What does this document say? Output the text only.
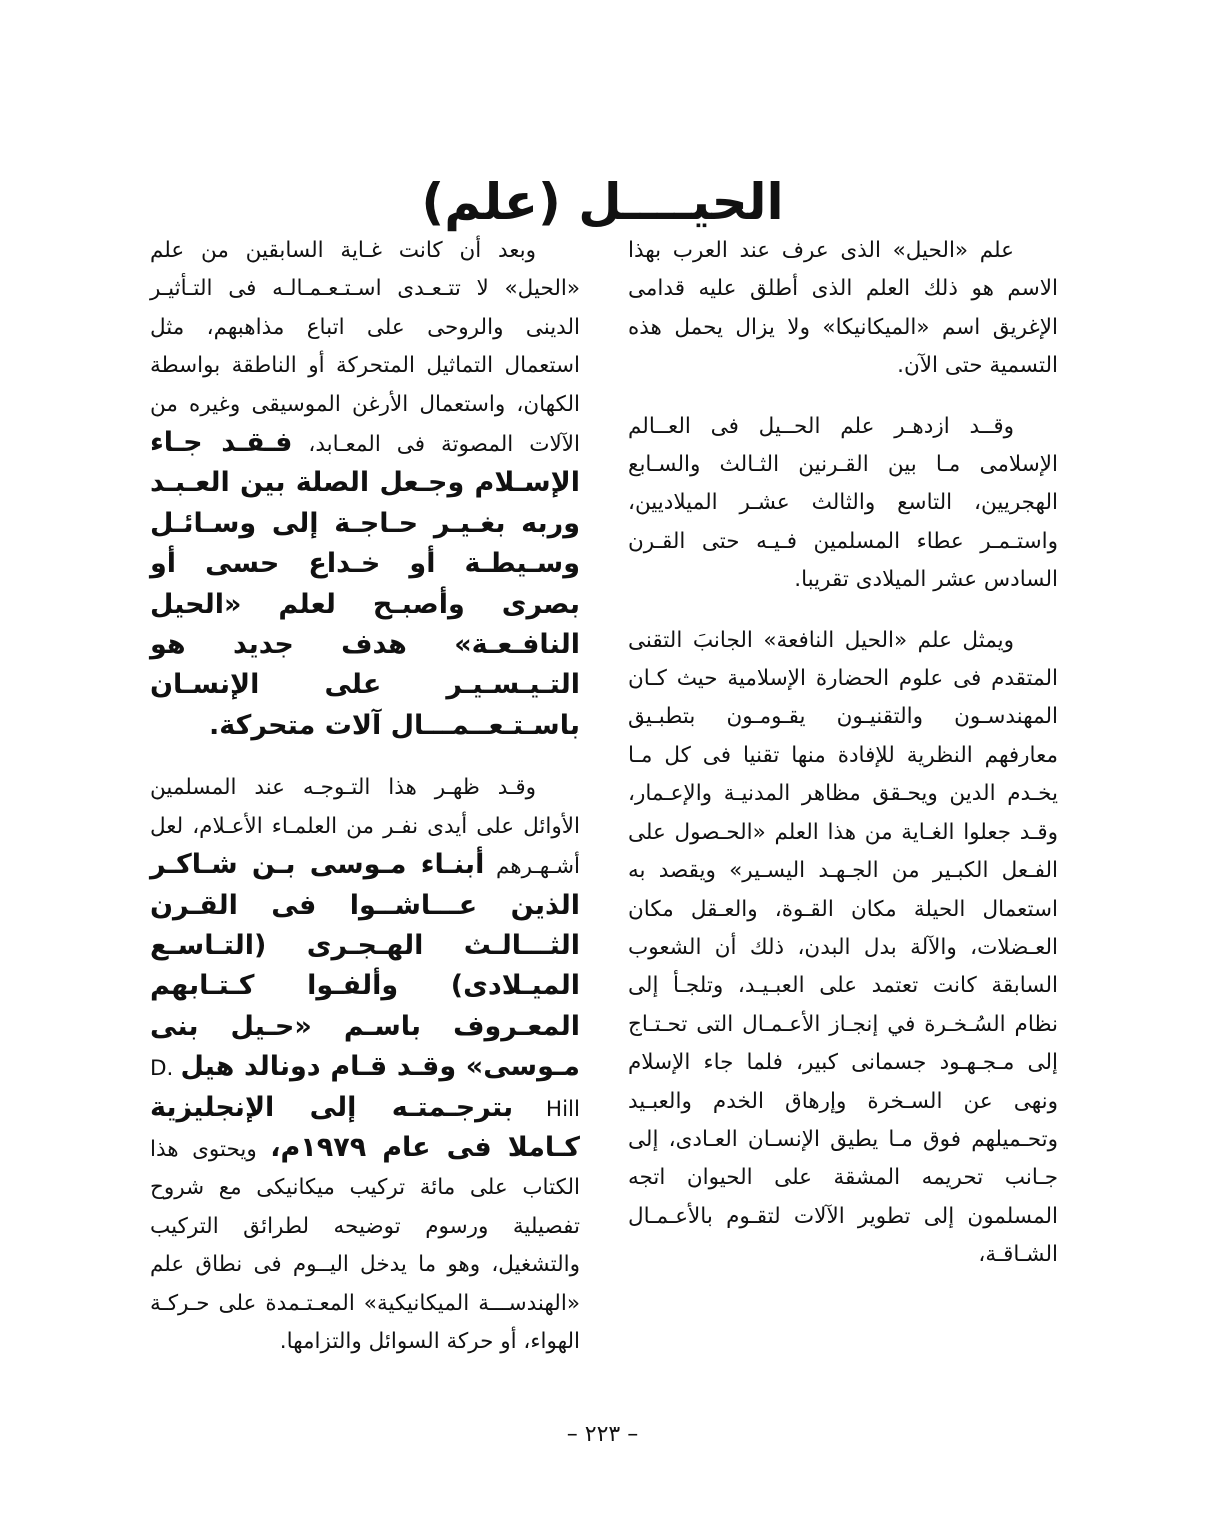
الحيــــل (علم)

علم «الحيل» الذى عرف عند العرب بهذا الاسم هو ذلك العلم الذى أطلق عليه قدامى الإغريق اسم «الميكانيكا» ولا يزال يحمل هذه التسمية حتى الآن.

وقــد ازدهـر علم الحــيل فى العــالم الإسلامى مـا بين القـرنين الثـالث والسـابع الهجريين، التاسع والثالث عشـر الميلاديين، واستـمـر عطاء المسلمين فـيـه حتى القـرن السادس عشر الميلادى تقريبا.

ويمثل علم «الحيل النافعة» الجانبَ التقنى المتقدم فى علوم الحضارة الإسلامية حيث كـان المهندسـون والتقنيـون يقـومـون بتطبـيق معارفهم النظرية للإفادة منها تقنيا فى كل مـا يخـدم الدين ويحـقق مظاهر المدنيـة والإعـمار، وقـد جعلوا الغـاية من هذا العلم «الحـصول على الفـعل الكبـير من الجـهـد اليسـير» ويقصد به استعمال الحيلة مكان القـوة، والعـقل مكان العـضلات، والآلة بدل البدن، ذلك أن الشعوب السابقة كانت تعتمد على العبـيـد، وتلجـأ إلى نظام السُـخـرة في إنجـاز الأعـمـال التى تحـتـاج إلى مـجـهـود جسمانى كبير، فلما جاء الإسلام ونهى عن السـخرة وإرهاق الخدم والعبـيد وتحـميلهم فوق مـا يطيق الإنسـان العـادى، إلى جـانب تحريمه المشقة على الحيوان اتجه المسلمون إلى تطوير الآلات لتقـوم بالأعـمـال الشـاقـة،

وبعد أن كانت غـاية السابقين من علم «الحيل» لا تتـعـدى اسـتـعـمـالـه فى التـأثيـر الدينى والروحى على اتباع مذاهبهم، مثل استعمال التماثيل المتحركة أو الناطقة بواسطة الكهان، واستعمال الأرغن الموسيقى وغيره من الآلات المصوتة فى المعـابد، فـقـد جـاء الإسـلام وجـعل الصلة بين العـبـد وربه بغـيـر حـاجـة إلى وسـائـل وسـيطـة أو خـداع حسى أو بصرى وأصبـح لعلم «الحيل النافـعـة» هدف جديد هو التـيـسـيـر على الإنسـان باسـتـعــمـــال آلات متحركة.

وقـد ظهـر هذا التـوجـه عند المسلمين الأوائل على أيدى نفـر من العلمـاء الأعـلام، لعل أشـهـرهم أبنـاء مـوسى بـن شـاكـر الذين عـــاشــوا فى القـرن الثـــالـث الهـجـرى (التـاسـع الميـلادى) وألفـوا كـتـابهم المعـروف باسـم «حـيل بنى مـوسى» وقـد قـام دونالد هيل D. Hill بترجـمتـه إلى الإنجليزية كـاملا فى عام ١٩٧٩م، ويحتوى هذا الكتاب على مائة تركيب ميكانيكى مع شروح تفصيلية ورسوم توضيحه لطرائق التركيب والتشغيل، وهو ما يدخل اليــوم فى نطاق علم «الهندســـة الميكانيكية» المعـتـمدة على حـركـة الهواء، أو حركة السوائل والتزامها.

– ٢٢٣ –
